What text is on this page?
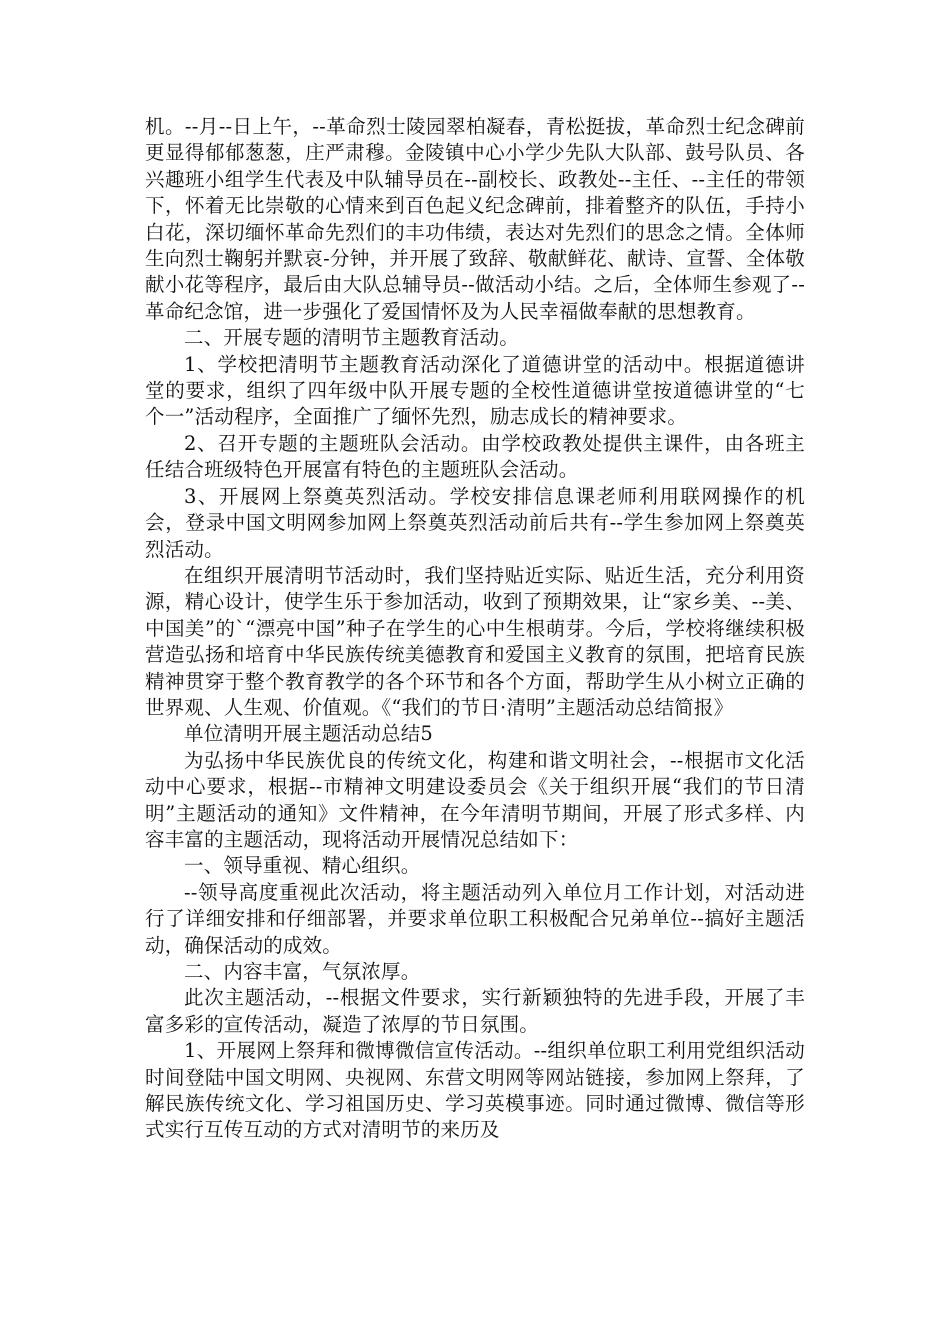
机。--月--日上午，--革命烈士陵园翠柏凝春，青松挺拔，革命烈士纪念碑前更显得郁郁葱葱，庄严肃穆。金陵镇中心小学少先队大队部、鼓号队员、各兴趣班小组学生代表及中队辅导员在--副校长、政教处--主任、--主任的带领下，怀着无比崇敬的心情来到百色起义纪念碑前，排着整齐的队伍，手持小白花，深切缅怀革命先烈们的丰功伟绩，表达对先烈们的思念之情。全体师生向烈士鞠躬并默哀-分钟，并开展了致辞、敬献鲜花、献诗、宣誓、全体敬献小花等程序，最后由大队总辅导员--做活动小结。之后，全体师生参观了--革命纪念馆，进一步强化了爱国情怀及为人民幸福做奉献的思想教育。

二、开展专题的清明节主题教育活动。

1、学校把清明节主题教育活动深化了道德讲堂的活动中。根据道德讲堂的要求，组织了四年级中队开展专题的全校性道德讲堂按道德讲堂的“七个一”活动程序，全面推广了缅怀先烈，励志成长的精神要求。

2、召开专题的主题班队会活动。由学校政教处提供主课件，由各班主任结合班级特色开展富有特色的主题班队会活动。

3、开展网上祭奠英烈活动。学校安排信息课老师利用联网操作的机会，登录中国文明网参加网上祭奠英烈活动前后共有--学生参加网上祭奠英烈活动。

在组织开展清明节活动时，我们坚持贴近实际、贴近生活，充分利用资源，精心设计，使学生乐于参加活动，收到了预期效果，让“家乡美、--美、中国美”的`“漂亮中国”种子在学生的心中生根萌芽。今后，学校将继续积极营造弘扬和培育中华民族传统美德教育和爱国主义教育的氛围，把培育民族精神贯穿于整个教育教学的各个环节和各个方面，帮助学生从小树立正确的世界观、人生观、价值观。《“我们的节日·清明”主题活动总结简报》

单位清明开展主题活动总结5

为弘扬中华民族优良的传统文化，构建和谐文明社会，--根据市文化活动中心要求，根据--市精神文明建设委员会《关于组织开展“我们的节日清明”主题活动的通知》文件精神，在今年清明节期间，开展了形式多样、内容丰富的主题活动，现将活动开展情况总结如下：

一、领导重视、精心组织。

--领导高度重视此次活动，将主题活动列入单位月工作计划，对活动进行了详细安排和仔细部署，并要求单位职工积极配合兄弟单位--搞好主题活动，确保活动的成效。

二、内容丰富，气氛浓厚。

此次主题活动，--根据文件要求，实行新颖独特的先进手段，开展了丰富多彩的宣传活动，凝造了浓厚的节日氛围。

1、开展网上祭拜和微博微信宣传活动。--组织单位职工利用党组织活动时间登陆中国文明网、央视网、东营文明网等网站链接，参加网上祭拜，了解民族传统文化、学习祖国历史、学习英模事迹。同时通过微博、微信等形式实行互传互动的方式对清明节的来历及
